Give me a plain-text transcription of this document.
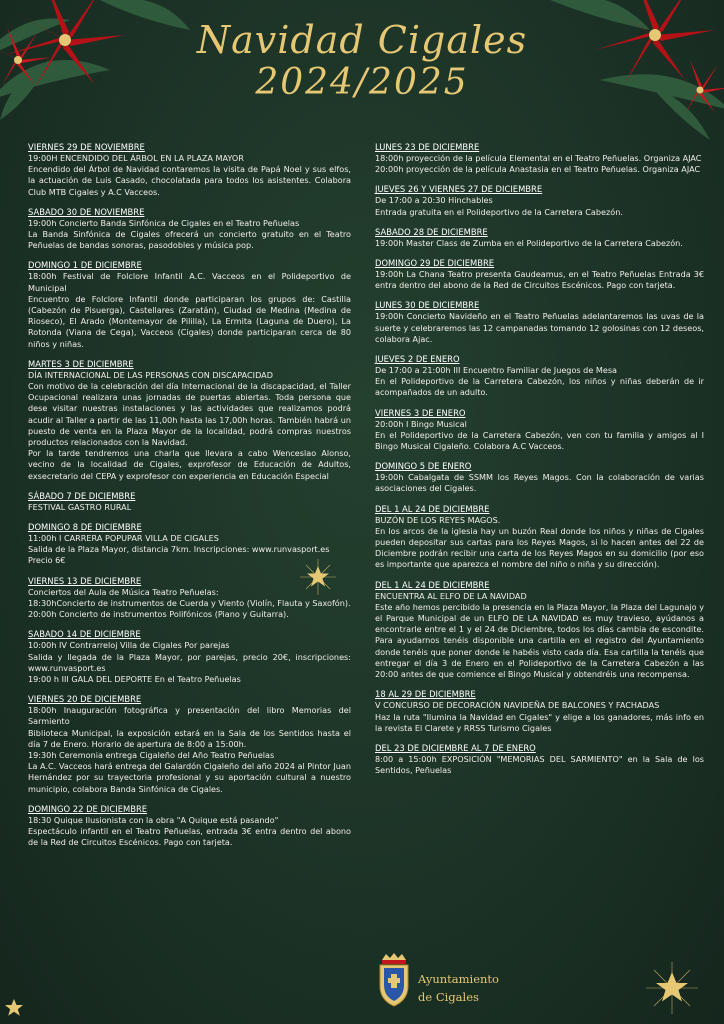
Navidad Cigales
2024/2025
VIERNES 29 DE NOVIEMBRE
19:00H ENCENDIDO DEL ÁRBOL EN LA PLAZA MAYOR
Encendido del Árbol de Navidad contaremos la visita de Papá Noel y sus elfos, la actuación de Luis Casado, chocolatada para todos los asistentes. Colabora Club MTB Cigales y A.C Vacceos.
SABADO 30 DE NOVIEMBRE
19:00h Concierto Banda Sinfónica de Cigales en el Teatro Peñuelas
La Banda Sinfónica de Cigales ofrecerá un concierto gratuito en el Teatro Peñuelas de bandas sonoras, pasodobles y música pop.
DOMINGO 1 DE DICIEMBRE
18:00h Festival de Folclore Infantil A.C. Vacceos en el Polideportivo de Municipal
Encuentro de Folclore Infantil donde participaran los grupos de: Castilla (Cabezón de Pisuerga), Castellares (Zaratán), Ciudad de Medina (Medina de Rioseco), El Arado (Montemayor de Pililla), La Ermita (Laguna de Duero), La Rotonda (Viana de Cega), Vacceos (Cigales) donde participaran cerca de 80 niños y niñas.
MARTES 3 DE DICIEMBRE
DÍA INTERNACIONAL DE LAS PERSONAS CON DISCAPACIDAD
Con motivo de la celebración del día Internacional de la discapacidad, el Taller Ocupacional realizara unas jornadas de puertas abiertas. Toda persona que dese visitar nuestras instalaciones y las actividades que realizamos podrá acudir al Taller a partir de las 11,00h hasta las 17,00h horas. También habrá un puesto de venta en la Plaza Mayor de la localidad, podrá compras nuestros productos relacionados con la Navidad.
Por la tarde tendremos una charla que llevara a cabo Wenceslao Alonso, vecino de la localidad de Cigales, exprofesor de Educación de Adultos, exsecretario del CEPA y exprofesor con experiencia en Educación Especial
SÁBADO 7 DE DICIEMBRE
FESTIVAL GASTRO RURAL
DOMINGO 8 DE DICIEMBRE
11:00h I CARRERA POPUPAR VILLA DE CIGALES
Salida de la Plaza Mayor, distancia 7km. Inscripciones: www.runvasport.es
Precio 6€
VIERNES 13 DE DICIEMBRE
Conciertos del Aula de Música Teatro Peñuelas:
18:30hConcierto de instrumentos de Cuerda y Viento (Violín, Flauta y Saxofón).
20:00h Concierto de instrumentos Polifónicos (Piano y Guitarra).
SABADO 14 DE DICIEMBRE
10:00h IV Contrarreloj Villa de Cigales Por parejas
Salida y llegada de la Plaza Mayor, por parejas, precio 20€, inscripciones: www.runvasport.es
19:00 h III GALA DEL DEPORTE En el Teatro Peñuelas
VIERNES 20 DE DICIEMBRE
18:00h Inauguración fotográfica y presentación del libro Memorias del Sarmiento
Biblioteca Municipal, la exposición estará en la Sala de los Sentidos hasta el día 7 de Enero. Horario de apertura de 8:00 a 15:00h.
19:30h Ceremonia entrega Cigaleño del Año Teatro Peñuelas
La A.C. Vacceos hará entrega del Galardón Cigaleño del año 2024 al Pintor Juan Hernández por su trayectoria profesional y su aportación cultural a nuestro municipio, colabora Banda Sinfónica de Cigales.
DOMINGO 22 DE DICIEMBRE
18:30 Quique Ilusionista con la obra "A Quique está pasando"
Espectáculo infantil en el Teatro Peñuelas, entrada 3€ entra dentro del abono de la Red de Circuitos Escénicos. Pago con tarjeta.
LUNES 23 DE DICIEMBRE
18:00h proyección de la película Elemental en el Teatro Peñuelas. Organiza AJAC
20:00h proyección de la película Anastasia en el Teatro Peñuelas. Organiza AJAC
JUEVES 26 Y VIERNES 27 DE DICIEMBRE
De 17:00 a 20:30 Hinchables
Entrada gratuita en el Polideportivo de la Carretera Cabezón.
SABADO 28 DE DICIEMBRE
19:00h Master Class de Zumba en el Polideportivo de la Carretera Cabezón.
DOMINGO 29 DE DICIEMBRE
19:00h La Chana Teatro presenta Gaudeamus, en el Teatro Peñuelas Entrada 3€ entra dentro del abono de la Red de Circuitos Escénicos. Pago con tarjeta.
LUNES 30 DE DICIEMBRE
19:00h Concierto Navideño en el Teatro Peñuelas adelantaremos las uvas de la suerte y celebraremos las 12 campanadas tomando 12 golosinas con 12 deseos, colabora Ajac.
JUEVES 2 DE ENERO
De 17:00 a 21:00h III Encuentro Familiar de Juegos de Mesa
En el Polideportivo de la Carretera Cabezón, los niños y niñas deberán de ir acompañados de un adulto.
VIERNES 3 DE ENERO
20:00h I Bingo Musical
En el Polideportivo de la Carretera Cabezón, ven con tu familia y amigos al I Bingo Musical Cigaleño. Colabora A.C Vacceos.
DOMINGO 5 DE ENERO
19:00h Cabalgata de SSMM los Reyes Magos. Con la colaboración de varias asociaciones del Cigales.
DEL 1 AL 24 DE DICIEMBRE
BUZÓN DE LOS REYES MAGOS.
En los arcos de la iglesia hay un buzón Real donde los niños y niñas de Cigales pueden depositar sus cartas para los Reyes Magos, si lo hacen antes del 22 de Diciembre podrán recibir una carta de los Reyes Magos en su domicilio (por eso es importante que aparezca el nombre del niño o niña y su dirección).
DEL 1 AL 24 DE DICIEMBRE
ENCUENTRA AL ELFO DE LA NAVIDAD
Este año hemos percibido la presencia en la Plaza Mayor, la Plaza del Lagunajo y el Parque Municipal de un ELFO DE LA NAVIDAD es muy travieso, ayúdanos a encontrarle entre el 1 y el 24 de Diciembre, todos los días cambia de escondite. Para ayudarnos tenéis disponible una cartilla en el registro del Ayuntamiento donde tenéis que poner donde le habéis visto cada día. Esa cartilla la tenéis que entregar el día 3 de Enero en el Polideportivo de la Carretera Cabezón a las 20:00 antes de que comience el Bingo Musical y obtendréis una recompensa.
18 AL 29 DE DICIEMBRE
V CONCURSO DE DECORACIÓN NAVIDEÑA DE BALCONES Y FACHADAS
Haz la ruta "Ilumina la Navidad en Cigales" y elige a los ganadores, más info en la revista El Clarete y RRSS Turismo Cigales
DEL 23 DE DICIEMBRE AL 7 DE ENERO
8:00 a 15:00h EXPOSICIÓN "MEMORIAS DEL SARMIENTO" en la Sala de los Sentidos, Peñuelas
Ayuntamiento
de Cigales
